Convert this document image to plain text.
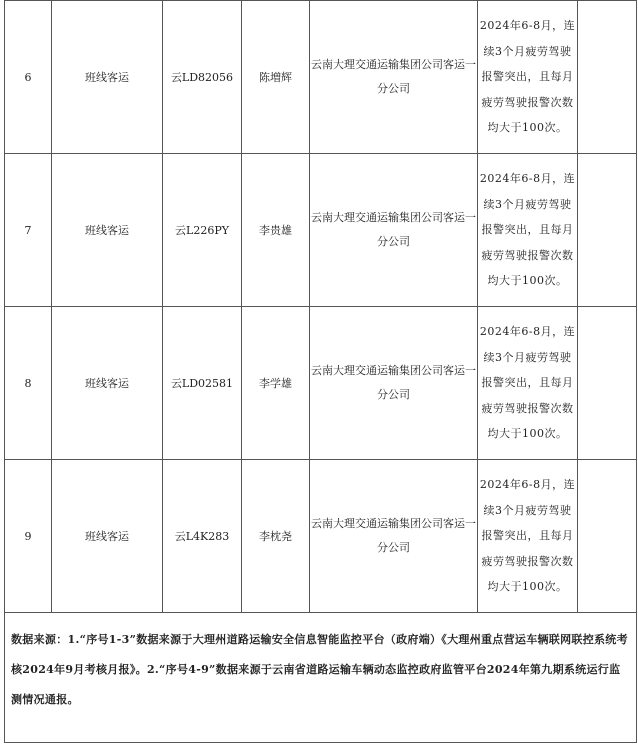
6	班线客运	云LD82056	陈増辉	云南大理交通运输集团公司客运一分公司	2024年6-8月，连续3个月疲劳驾驶报警突出，且每月疲劳驾驶报警次数均大于100次。	
7	班线客运	云L226PY	李贵雄	云南大理交通运输集团公司客运一分公司	2024年6-8月，连续3个月疲劳驾驶报警突出，且每月疲劳驾驶报警次数均大于100次。	
8	班线客运	云LD02581	李学雄	云南大理交通运输集团公司客运一分公司	2024年6-8月，连续3个月疲劳驾驶报警突出，且每月疲劳驾驶报警次数均大于100次。	
9	班线客运	云L4K283	李枕尧	云南大理交通运输集团公司客运一分公司	2024年6-8月，连续3个月疲劳驾驶报警突出，且每月疲劳驾驶报警次数均大于100次。	
数据来源：1.“序号1-3”数据来源于大理州道路运输安全信息智能监控平台（政府端）《大理州重点营运车辆联网联控系统考核2024年9月考核月报》。2.“序号4-9”数据来源于云南省道路运输车辆动态监控政府监管平台2024年第九期系统运行监测情况通报。						
